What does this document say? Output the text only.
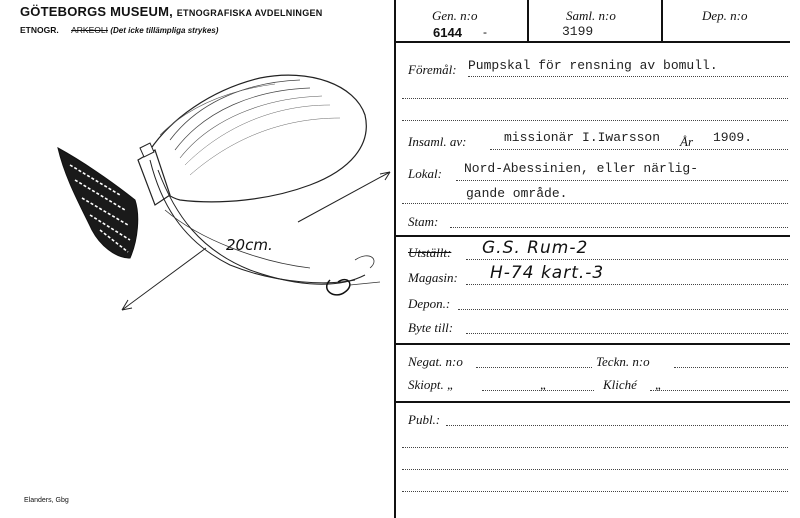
GÖTEBORGS MUSEUM, ETNOGRAFISKA AVDELNINGEN
ETNOGR. ARKEOLI (Det icke tillämpliga strykes)
20cm.
Elanders, Gbg
Gen. n:o
6144 -
Saml. n:o
3199
Dep. n:o
Föremål: Pumpskal för rensning av bomull.
Insaml. av:	missionär I.Iwarsson År 1909.
Lokal: Nord-Abessinien, eller närlig-
gande område.
Stam:
Utställt: G.S. Rum-2
Magasin: H-74 kart.-3
Depon.:
Byte till:
Negat. n:o	Teckn. n:o
Skiopt. „	„	Kliché „
Publ.:
